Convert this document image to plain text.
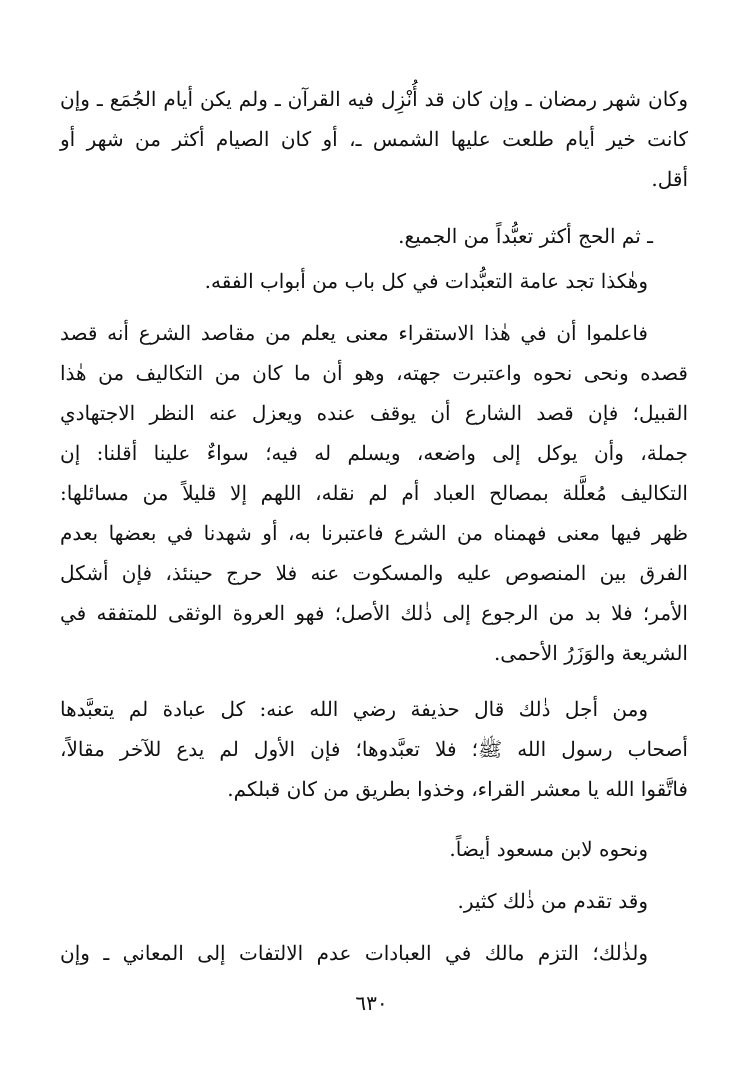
وكان شهر رمضان ـ وإن كان قد أُنْزِل فيه القرآن ـ ولم يكن أيام الجُمَع ـ وإن
كانت خير أيام طلعت عليها الشمس ـ، أو كان الصيام أكثر من شهر أو
أقل.
ـ ثم الحج أكثر تعبُّداً من الجميع.
وهٰكذا تجد عامة التعبُّدات في كل باب من أبواب الفقه.
فاعلموا أن في هٰذا الاستقراء معنى يعلم من مقاصد الشرع أنه قصد
قصده ونحى نحوه واعتبرت جهته، وهو أن ما كان من التكاليف من هٰذا
القبيل؛ فإن قصد الشارع أن يوقف عنده ويعزل عنه النظر الاجتهادي
جملة، وأن يوكل إلى واضعه، ويسلم له فيه؛ سواءٌ علينا أقلنا: إن
التكاليف مُعلَّلة بمصالح العباد أم لم نقله، اللهم إلا قليلاً من مسائلها:
ظهر فيها معنى فهمناه من الشرع فاعتبرنا به، أو شهدنا في بعضها بعدم
الفرق بين المنصوص عليه والمسكوت عنه فلا حرج حينئذ، فإن أشكل
الأمر؛ فلا بد من الرجوع إلى ذٰلك الأصل؛ فهو العروة الوثقى للمتفقه في
الشريعة والوَزَرُ الأحمى.
ومن أجل ذٰلك قال حذيفة رضي الله عنه: كل عبادة لم يتعبَّدها
أصحاب رسول الله ﷺ؛ فلا تعبَّدوها؛ فإن الأول لم يدع للآخر مقالاً،
فاتَّقوا الله يا معشر القراء، وخذوا بطريق من كان قبلكم.
ونحوه لابن مسعود أيضاً.
وقد تقدم من ذٰلك كثير.
ولذٰلك؛ التزم مالك في العبادات عدم الالتفات إلى المعاني ـ وإن
٦٣٠
